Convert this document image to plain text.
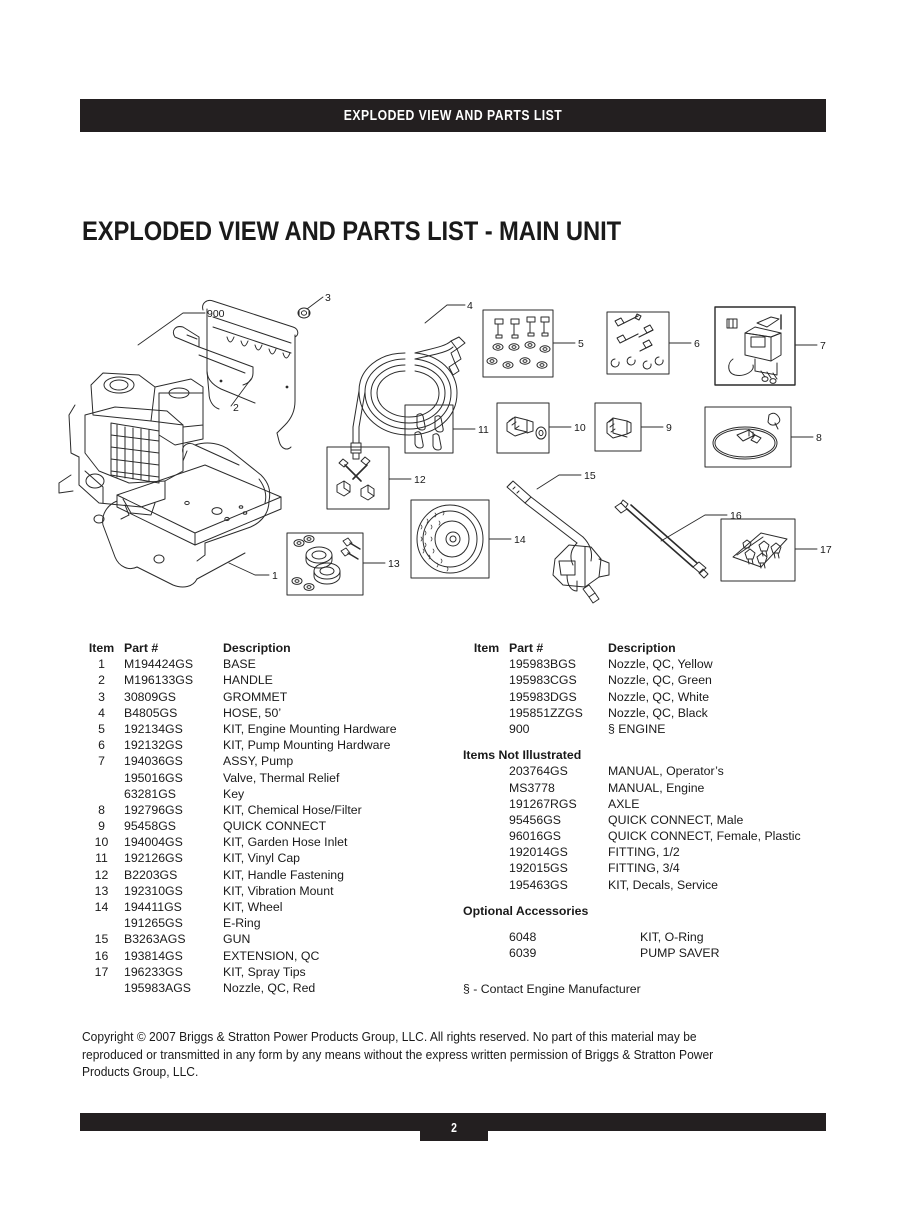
EXPLODED VIEW AND PARTS LIST
EXPLODED VIEW AND PARTS LIST - MAIN UNIT
900
3
2
1
4
5	6	7
8
9
10
11
12
13
14
15
16
17
Item Part #	Description
1	M194424GS BASE
2	M196133GS HANDLE
3	30809GS	GROMMET
4	B4805GS	HOSE, 50’
5	192134GS	KIT, Engine Mounting Hardware
6	192132GS	KIT, Pump Mounting Hardware
7	194036GS	ASSY, Pump
195016GS	Valve, Thermal Relief
63281GS	Key
8	192796GS	KIT, Chemical Hose/Filter
9	95458GS	QUICK CONNECT
10	194004GS	KIT, Garden Hose Inlet
11	192126GS	KIT, Vinyl Cap
12	B2203GS	KIT, Handle Fastening
13	192310GS	KIT, Vibration Mount
14	194411GS	KIT, Wheel
191265GS	E-Ring
15	B3263AGS	GUN
16	193814GS	EXTENSION, QC
17	196233GS	KIT, Spray Tips
195983AGS	Nozzle, QC, Red
Item Part #	Description
195983BGS	Nozzle, QC, Yellow
195983CGS	Nozzle, QC, Green
195983DGS	Nozzle, QC, White
195851ZZGS Nozzle, QC, Black
900	§ ENGINE
Items Not Illustrated
203764GS	MANUAL, Operator’s
MS3778	MANUAL, Engine
191267RGS	AXLE
95456GS	QUICK CONNECT, Male
96016GS	QUICK CONNECT, Female, Plastic
192014GS	FITTING, 1/2
192015GS	FITTING, 3/4
195463GS	KIT, Decals, Service
Optional Accessories
6048	KIT, O-Ring
6039	PUMP SAVER
§ - Contact Engine Manufacturer
Copyright © 2007 Briggs & Stratton Power Products Group, LLC. All rights reserved. No part of this material may be reproduced or transmitted in any form by any means without the express written permission of Briggs & Stratton Power Products Group, LLC.
2
